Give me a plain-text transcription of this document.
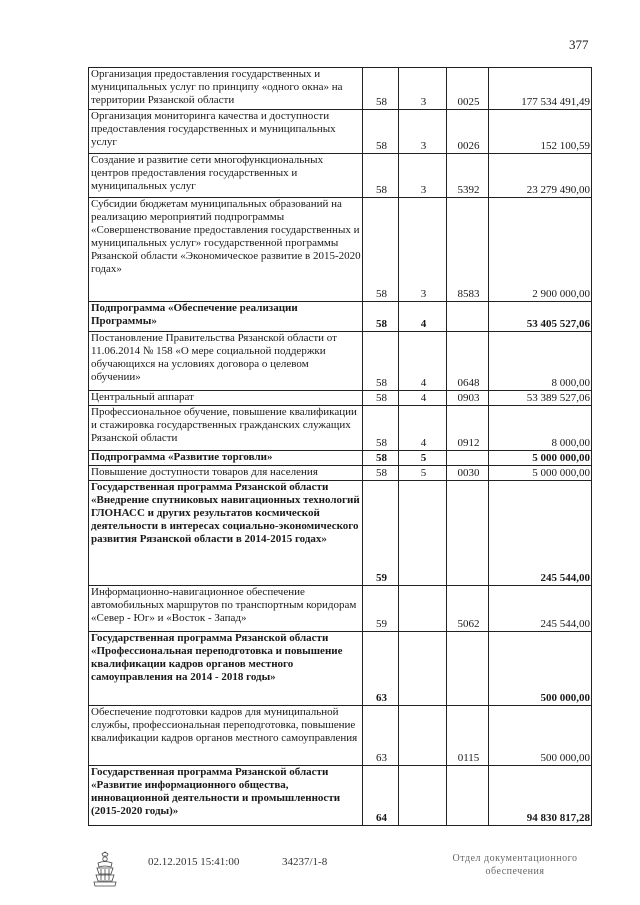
377
Организация предоставления государственных и муниципальных услуг по принципу «одного окна» на территории Рязанской области	58	3	0025	177 534 491,49
Организация мониторинга качества и доступности предоставления государственных и муниципальных услуг	58	3	0026	152 100,59
Создание и развитие сети многофункциональных центров предоставления государственных и муниципальных услуг	58	3	5392	23 279 490,00
Субсидии бюджетам муниципальных образований на реализацию мероприятий подпрограммы «Совершенствование предоставления государственных и муниципальных услуг» государственной программы Рязанской области «Экономическое развитие в 2015-2020 годах»	58	3	8583	2 900 000,00
Подпрограмма «Обеспечение реализации Программы»	58	4		53 405 527,06
Постановление Правительства Рязанской области от 11.06.2014 № 158 «О мере социальной поддержки обучающихся на условиях договора о целевом обучении»	58	4	0648	8 000,00
Центральный аппарат	58	4	0903	53 389 527,06
Профессиональное обучение, повышение квалификации и стажировка государственных гражданских служащих Рязанской области	58	4	0912	8 000,00
Подпрограмма «Развитие торговли»	58	5		5 000 000,00
Повышение доступности товаров для населения	58	5	0030	5 000 000,00
Государственная программа Рязанской области «Внедрение спутниковых навигационных технологий ГЛОНАСС и других результатов космической деятельности в интересах социально-экономического развития Рязанской области в 2014-2015 годах»	59			245 544,00
Информационно-навигационное обеспечение автомобильных маршрутов по транспортным коридорам «Север - Юг» и «Восток - Запад»	59		5062	245 544,00
Государственная программа Рязанской области «Профессиональная переподготовка и повышение квалификации кадров органов местного самоуправления на 2014 - 2018 годы»	63			500 000,00
Обеспечение подготовки кадров для муниципальной службы, профессиональная переподготовка, повышение квалификации кадров органов местного самоуправления	63		0115	500 000,00
Государственная программа Рязанской области «Развитие информационного общества, инновационной деятельности и промышленности (2015-2020 годы)»	64			94 830 817,28
02.12.2015 15:41:00	34237/1-8	Отдел документационного обеспечения
